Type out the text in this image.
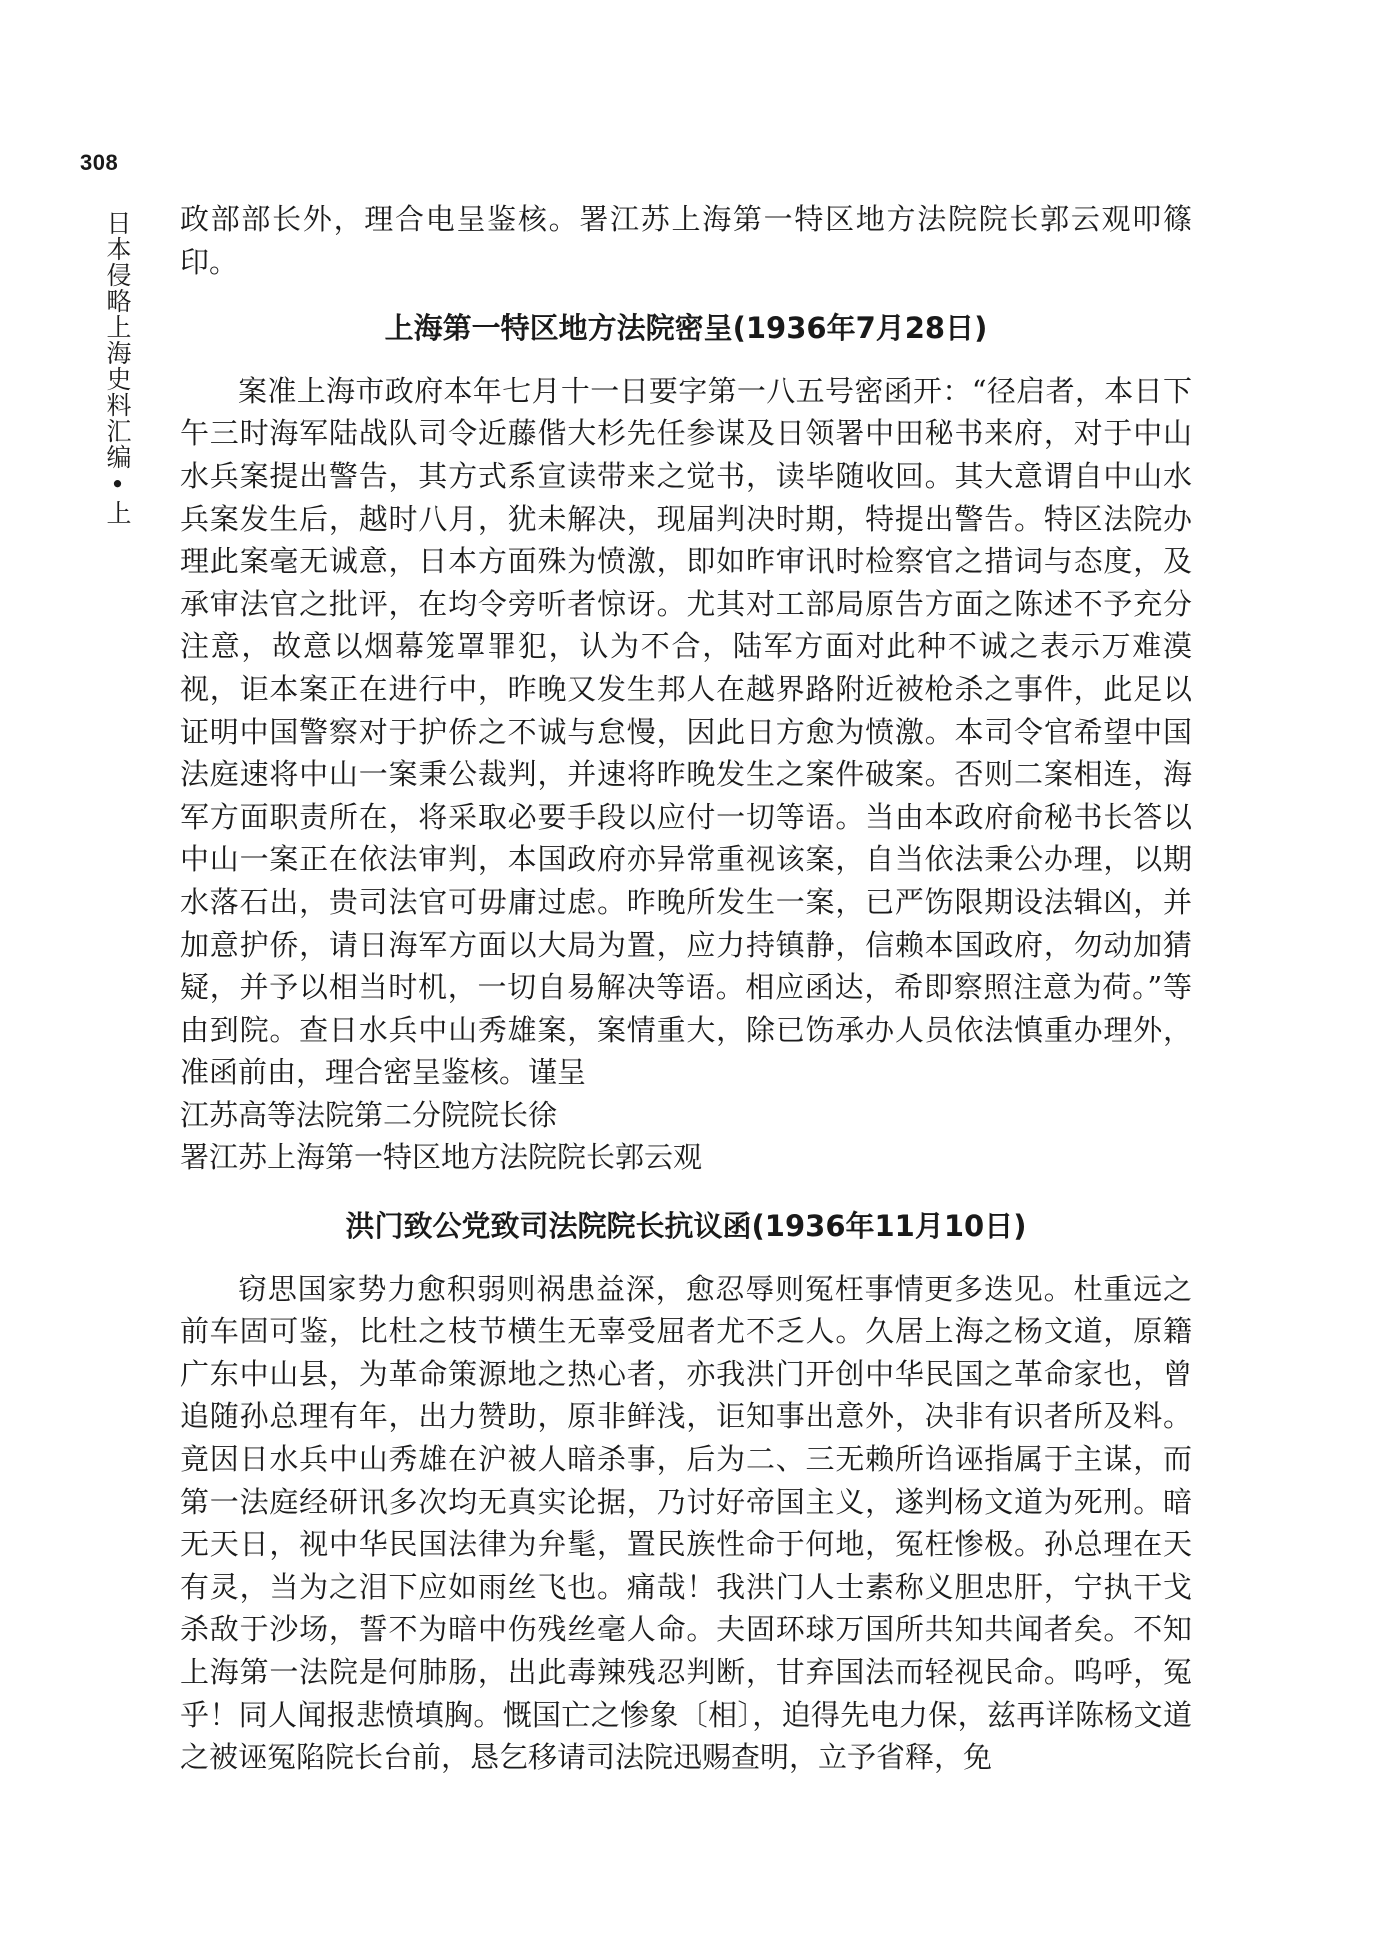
308
日本侵略上海史料汇编•上 政部部长外，理合电呈鉴核。署江苏上海第一特区地方法院院长郭云观叩篠印。

上海第一特区地方法院密呈(1936年7月28日)

案准上海市政府本年七月十一日要字第一八五号密函开：“径启者，本日下午三时海军陆战队司令近藤偕大杉先任参谋及日领署中田秘书来府，对于中山水兵案提出警告，其方式系宣读带来之觉书，读毕随收回。其大意谓自中山水兵案发生后，越时八月，犹未解决，现届判决时期，特提出警告。特区法院办理此案毫无诚意，日本方面殊为愤激，即如昨审讯时检察官之措词与态度，及承审法官之批评，在均令旁听者惊讶。尤其对工部局原告方面之陈述不予充分注意，故意以烟幕笼罩罪犯，认为不合，陆军方面对此种不诚之表示万难漠视，讵本案正在进行中，昨晚又发生邦人在越界路附近被枪杀之事件，此足以证明中国警察对于护侨之不诚与怠慢，因此日方愈为愤激。本司令官希望中国法庭速将中山一案秉公裁判，并速将昨晚发生之案件破案。否则二案相连，海军方面职责所在，将采取必要手段以应付一切等语。当由本政府俞秘书长答以中山一案正在依法审判，本国政府亦异常重视该案，自当依法秉公办理，以期水落石出，贵司法官可毋庸过虑。昨晚所发生一案，已严饬限期设法辑凶，并加意护侨，请日海军方面以大局为置，应力持镇静，信赖本国政府，勿动加猜疑，并予以相当时机，一切自易解决等语。相应函达，希即察照注意为荷。”等由到院。查日水兵中山秀雄案，案情重大，除已饬承办人员依法慎重办理外，准函前由，理合密呈鉴核。谨呈

江苏高等法院第二分院院长徐

署江苏上海第一特区地方法院院长郭云观

洪门致公党致司法院院长抗议函(1936年11月10日)

窃思国家势力愈积弱则祸患益深，愈忍辱则冤枉事情更多迭见。杜重远之前车固可鉴，比杜之枝节横生无辜受屈者尤不乏人。久居上海之杨文道，原籍广东中山县，为革命策源地之热心者，亦我洪门开创中华民国之革命家也，曾追随孙总理有年，出力赞助，原非鲜浅，讵知事出意外，决非有识者所及料。竟因日水兵中山秀雄在沪被人暗杀事，后为二、三无赖所诌诬指属于主谋，而第一法庭经研讯多次均无真实论据，乃讨好帝国主义，遂判杨文道为死刑。暗无天日，视中华民国法律为弁髦，置民族性命于何地，冤枉惨极。孙总理在天有灵，当为之泪下应如雨丝飞也。痛哉！我洪门人士素称义胆忠肝，宁执干戈杀敌于沙场，誓不为暗中伤残丝毫人命。夫固环球万国所共知共闻者矣。不知上海第一法院是何肺肠，出此毒辣残忍判断，甘弃国法而轻视民命。呜呼，冤乎！同人闻报悲愤填胸。慨国亡之惨象〔相〕，迫得先电力保，兹再详陈杨文道之被诬冤陷院长台前，恳乞移请司法院迅赐查明，立予省释，免
